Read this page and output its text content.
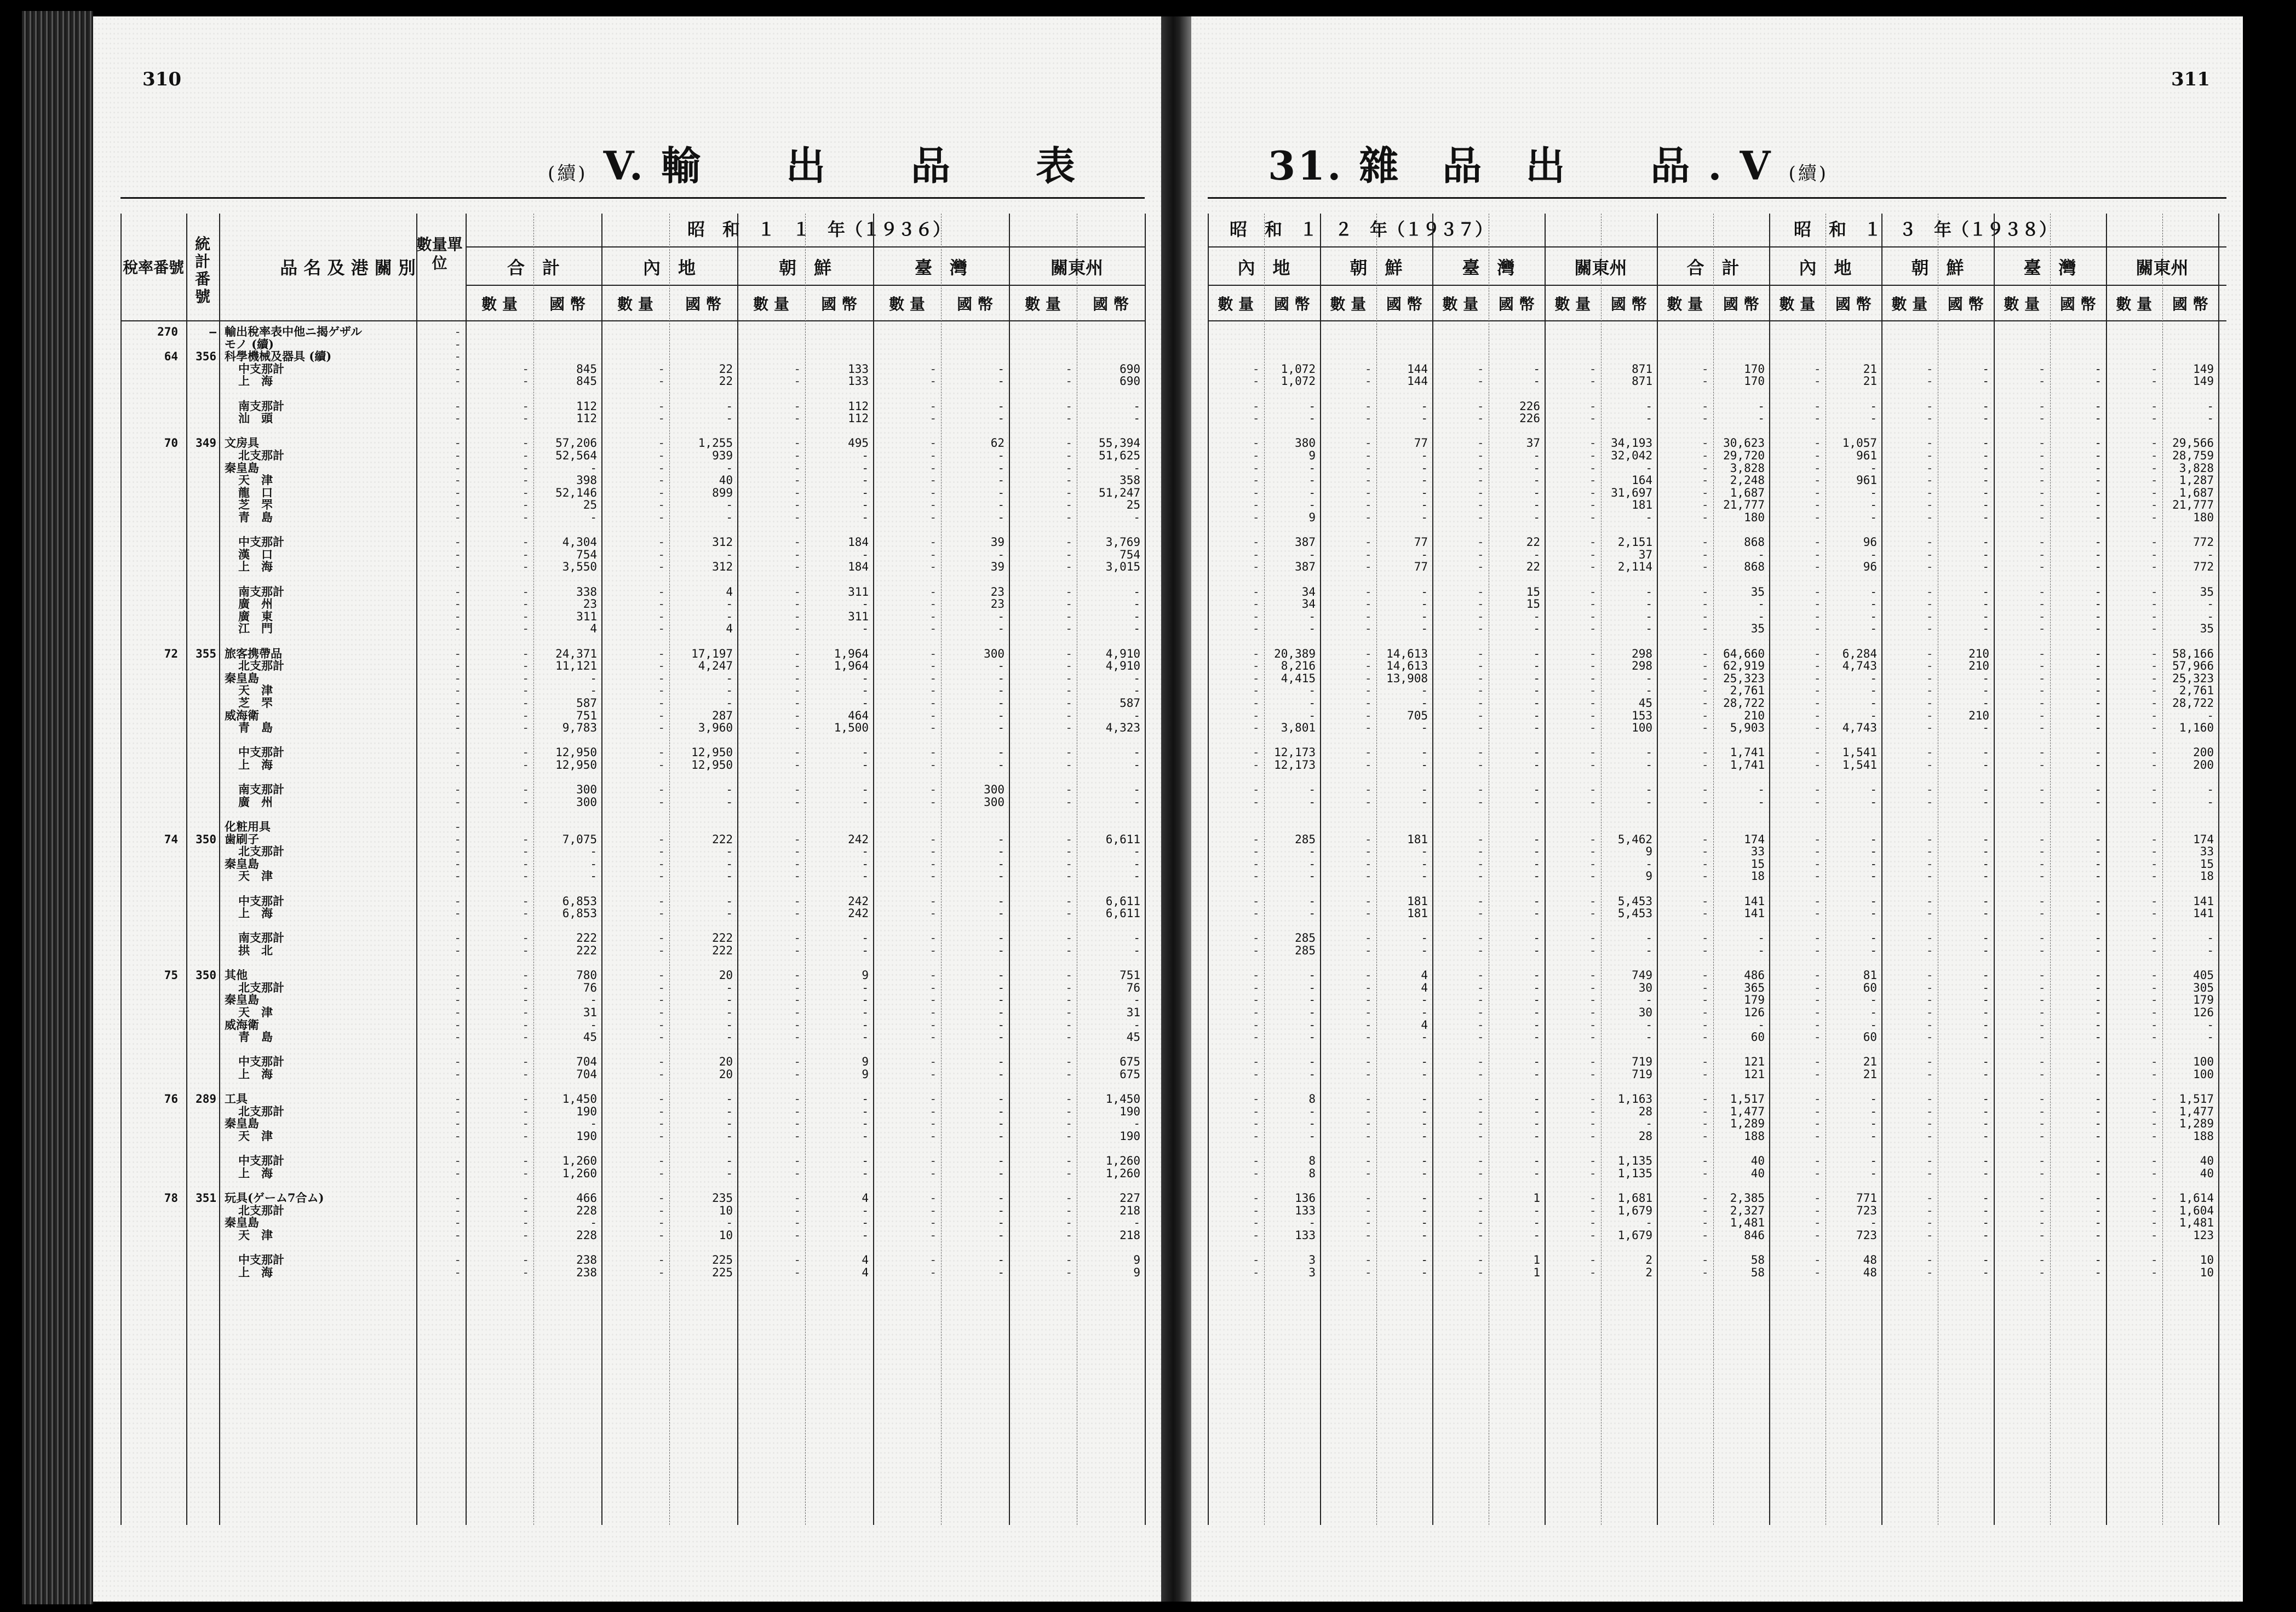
310
(續) V. 輸　　出　　品　　表
昭　和　１　１　年（１９３６）
稅率番號
統計番號
品 名 及 港 關 別
數量單位	合　計	內　地	朝　鮮	臺　灣	關東州
數 量	國 幣	數 量	國 幣	數 量	國 幣	數 量	國 幣	數 量	國 幣
270	— 輸出稅率表中他ニ揭ゲザル	-
モノ (續)	-
64	356 科學機械及器具 (續)	-
中支那計	-	-	845	-	22	-	133	-	-	-	690
上　海	-	-	845	-	22	-	133	-	-	-	690
南支那計	-	-	112	-	-	-	112	-	-	-	-
汕　頭	-	-	112	-	-	-	112	-	-	-	-
70	349 文房具	-	-	57,206	-	1,255	-	495	-	62	-	55,394
北支那計	-	-	52,564	-	939	-	-	-	-	-	51,625
秦皇島	-	-	-	-	-	-	-	-	-	-	-
天　津	-	-	398	-	40	-	-	-	-	-	358
龍　口	-	-	52,146	-	899	-	-	-	-	-	51,247
芝　罘	-	-	25	-	-	-	-	-	-	-	25
青　島	-	-	-	-	-	-	-	-	-	-	-
中支那計	-	-	4,304	-	312	-	184	-	39	-	3,769
漢　口	-	-	754	-	-	-	-	-	-	-	754
上　海	-	-	3,550	-	312	-	184	-	39	-	3,015
南支那計	-	-	338	-	4	-	311	-	23	-	-
廣　州	-	-	23	-	-	-	-	-	23	-	-
廣　東	-	-	311	-	-	-	311	-	-	-	-
江　門	-	-	4	-	4	-	-	-	-	-	-
72	355 旅客携帶品	-	-	24,371	-	17,197	-	1,964	-	300	-	4,910
北支那計	-	-	11,121	-	4,247	-	1,964	-	-	-	4,910
秦皇島	-	-	-	-	-	-	-	-	-	-	-
天　津	-	-	-	-	-	-	-	-	-	-	-
芝　罘	-	-	587	-	-	-	-	-	-	-	587
威海衛	-	-	751	-	287	-	464	-	-	-	-
青　島	-	-	9,783	-	3,960	-	1,500	-	-	-	4,323
中支那計	-	-	12,950	-	12,950	-	-	-	-	-	-
上　海	-	-	12,950	-	12,950	-	-	-	-	-	-
南支那計	-	-	300	-	-	-	-	-	300	-	-
廣　州	-	-	300	-	-	-	-	-	300	-	-
化粧用具	-
74	350 歯刷子	-	-	7,075	-	222	-	242	-	-	-	6,611
北支那計	-	-	-	-	-	-	-	-	-	-	-
秦皇島	-	-	-	-	-	-	-	-	-	-	-
天　津	-	-	-	-	-	-	-	-	-	-	-
中支那計	-	-	6,853	-	-	-	242	-	-	-	6,611
上　海	-	-	6,853	-	-	-	242	-	-	-	6,611
南支那計	-	-	222	-	222	-	-	-	-	-	-
拱　北	-	-	222	-	222	-	-	-	-	-	-
75	350 其他	-	-	780	-	20	-	9	-	-	-	751
北支那計	-	-	76	-	-	-	-	-	-	-	76
秦皇島	-	-	-	-	-	-	-	-	-	-	-
天　津	-	-	31	-	-	-	-	-	-	-	31
威海衛	-	-	-	-	-	-	-	-	-	-	-
青　島	-	-	45	-	-	-	-	-	-	-	45
中支那計	-	-	704	-	20	-	9	-	-	-	675
上　海	-	-	704	-	20	-	9	-	-	-	675
76	289 工具	-	-	1,450	-	-	-	-	-	-	-	1,450
北支那計	-	-	190	-	-	-	-	-	-	-	190
秦皇島	-	-	-	-	-	-	-	-	-	-	-
天　津	-	-	190	-	-	-	-	-	-	-	190
中支那計	-	-	1,260	-	-	-	-	-	-	-	1,260
上　海	-	-	1,260	-	-	-	-	-	-	-	1,260
78	351 玩具(ゲーム7合ム)	-	-	466	-	235	-	4	-	-	-	227
北支那計	-	-	228	-	10	-	-	-	-	-	218
秦皇島	-	-	-	-	-	-	-	-	-	-	-
天　津	-	-	228	-	10	-	-	-	-	-	218
中支那計	-	-	238	-	225	-	4	-	-	-	9
上　海	-	-	238	-	225	-	4	-	-	-	9
311
31. 雜　品　出　　品 . V (續)
昭　和　１　２　年（１９３７）	昭　和　１　３　年（１９３８）
內　地	朝　鮮	臺　灣	關東州	合　計	內　地	朝　鮮	臺　灣	關東州
數 量	國 幣	數 量	國 幣	數 量	國 幣	數 量	國 幣	數 量	國 幣	數 量	國 幣	數 量	國 幣	數 量	國 幣	數 量	國 幣
-	1,072	-	144	-	-	-	871	-	170	-	21	-	-	-	-	-	149
-	1,072	-	144	-	-	-	871	-	170	-	21	-	-	-	-	-	149
-	-	-	-	-	226	-	-	-	-	-	-	-	-	-	-	-	-
-	-	-	-	-	226	-	-	-	-	-	-	-	-	-	-	-	-
-	380	-	77	-	37	-	34,193	-	30,623	-	1,057	-	-	-	-	-	29,566
-	9	-	-	-	-	-	32,042	-	29,720	-	961	-	-	-	-	-	28,759
-	-	-	-	-	-	-	-	-	3,828	-	-	-	-	-	-	-	3,828
-	-	-	-	-	-	-	164	-	2,248	-	961	-	-	-	-	-	1,287
-	-	-	-	-	-	-	31,697	-	1,687	-	-	-	-	-	-	-	1,687
-	-	-	-	-	-	-	181	-	21,777	-	-	-	-	-	-	-	21,777
-	9	-	-	-	-	-	-	-	180	-	-	-	-	-	-	-	180
-	387	-	77	-	22	-	2,151	-	868	-	96	-	-	-	-	-	772
-	-	-	-	-	-	-	37	-	-	-	-	-	-	-	-	-	-
-	387	-	77	-	22	-	2,114	-	868	-	96	-	-	-	-	-	772
-	34	-	-	-	15	-	-	-	35	-	-	-	-	-	-	-	35
-	34	-	-	-	15	-	-	-	-	-	-	-	-	-	-	-	-
-	-	-	-	-	-	-	-	-	-	-	-	-	-	-	-	-	-
-	-	-	-	-	-	-	-	-	35	-	-	-	-	-	-	-	35
-	20,389	-	14,613	-	-	-	298	-	64,660	-	6,284	-	210	-	-	-	58,166
-	8,216	-	14,613	-	-	-	298	-	62,919	-	4,743	-	210	-	-	-	57,966
-	4,415	-	13,908	-	-	-	-	-	25,323	-	-	-	-	-	-	-	25,323
-	-	-	-	-	-	-	-	-	2,761	-	-	-	-	-	-	-	2,761
-	-	-	-	-	-	-	45	-	28,722	-	-	-	-	-	-	-	28,722
-	-	-	705	-	-	-	153	-	210	-	-	-	210	-	-	-	-
-	3,801	-	-	-	-	-	100	-	5,903	-	4,743	-	-	-	-	-	1,160
-	12,173	-	-	-	-	-	-	-	1,741	-	1,541	-	-	-	-	-	200
-	12,173	-	-	-	-	-	-	-	1,741	-	1,541	-	-	-	-	-	200
-	-	-	-	-	-	-	-	-	-	-	-	-	-	-	-	-	-
-	-	-	-	-	-	-	-	-	-	-	-	-	-	-	-	-	-
-	285	-	181	-	-	-	5,462	-	174	-	-	-	-	-	-	-	174
-	-	-	-	-	-	-	9	-	33	-	-	-	-	-	-	-	33
-	-	-	-	-	-	-	-	-	15	-	-	-	-	-	-	-	15
-	-	-	-	-	-	-	9	-	18	-	-	-	-	-	-	-	18
-	-	-	181	-	-	-	5,453	-	141	-	-	-	-	-	-	-	141
-	-	-	181	-	-	-	5,453	-	141	-	-	-	-	-	-	-	141
-	285	-	-	-	-	-	-	-	-	-	-	-	-	-	-	-	-
-	285	-	-	-	-	-	-	-	-	-	-	-	-	-	-	-	-
-	-	-	4	-	-	-	749	-	486	-	81	-	-	-	-	-	405
-	-	-	4	-	-	-	30	-	365	-	60	-	-	-	-	-	305
-	-	-	-	-	-	-	-	-	179	-	-	-	-	-	-	-	179
-	-	-	-	-	-	-	30	-	126	-	-	-	-	-	-	-	126
-	-	-	4	-	-	-	-	-	-	-	-	-	-	-	-	-	-
-	-	-	-	-	-	-	-	-	60	-	60	-	-	-	-	-	-
-	-	-	-	-	-	-	719	-	121	-	21	-	-	-	-	-	100
-	-	-	-	-	-	-	719	-	121	-	21	-	-	-	-	-	100
-	8	-	-	-	-	-	1,163	-	1,517	-	-	-	-	-	-	-	1,517
-	-	-	-	-	-	-	28	-	1,477	-	-	-	-	-	-	-	1,477
-	-	-	-	-	-	-	-	-	1,289	-	-	-	-	-	-	-	1,289
-	-	-	-	-	-	-	28	-	188	-	-	-	-	-	-	-	188
-	8	-	-	-	-	-	1,135	-	40	-	-	-	-	-	-	-	40
-	8	-	-	-	-	-	1,135	-	40	-	-	-	-	-	-	-	40
-	136	-	-	-	1	-	1,681	-	2,385	-	771	-	-	-	-	-	1,614
-	133	-	-	-	-	-	1,679	-	2,327	-	723	-	-	-	-	-	1,604
-	-	-	-	-	-	-	-	-	1,481	-	-	-	-	-	-	-	1,481
-	133	-	-	-	-	-	1,679	-	846	-	723	-	-	-	-	-	123
-	3	-	-	-	1	-	2	-	58	-	48	-	-	-	-	-	10
-	3	-	-	-	1	-	2	-	58	-	48	-	-	-	-	-	10
